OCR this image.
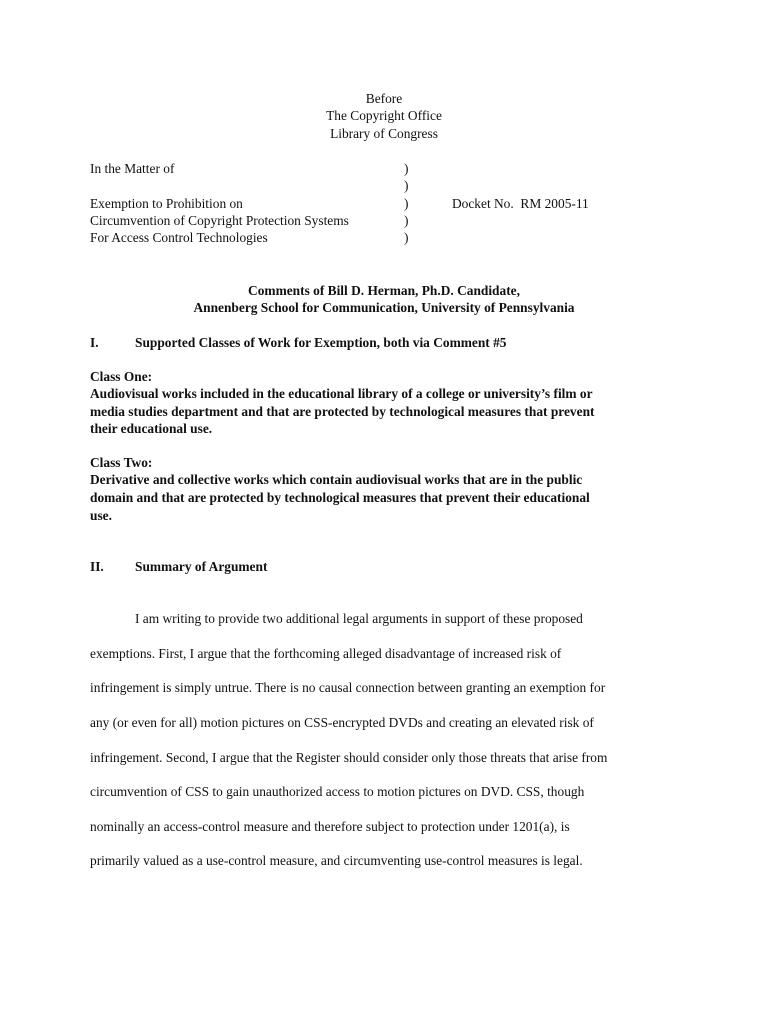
Before
The Copyright Office
Library of Congress
In the Matter of
Exemption to Prohibition on
Circumvention of Copyright Protection Systems
For Access Control Technologies
)
)
)
)
)
Docket No.  RM 2005-11
Comments of Bill D. Herman, Ph.D. Candidate,
Annenberg School for Communication, University of Pennsylvania
I.	Supported Classes of Work for Exemption, both via Comment #5
Class One:
Audiovisual works included in the educational library of a college or university’s film or
media studies department and that are protected by technological measures that prevent
their educational use.
Class Two:
Derivative and collective works which contain audiovisual works that are in the public
domain and that are protected by technological measures that prevent their educational
use.
II. Summary of Argument
I am writing to provide two additional legal arguments in support of these proposed
exemptions. First, I argue that the forthcoming alleged disadvantage of increased risk of
infringement is simply untrue. There is no causal connection between granting an exemption for
any (or even for all) motion pictures on CSS-encrypted DVDs and creating an elevated risk of
infringement. Second, I argue that the Register should consider only those threats that arise from
circumvention of CSS to gain unauthorized access to motion pictures on DVD. CSS, though
nominally an access-control measure and therefore subject to protection under 1201(a), is
primarily valued as a use-control measure, and circumventing use-control measures is legal.
